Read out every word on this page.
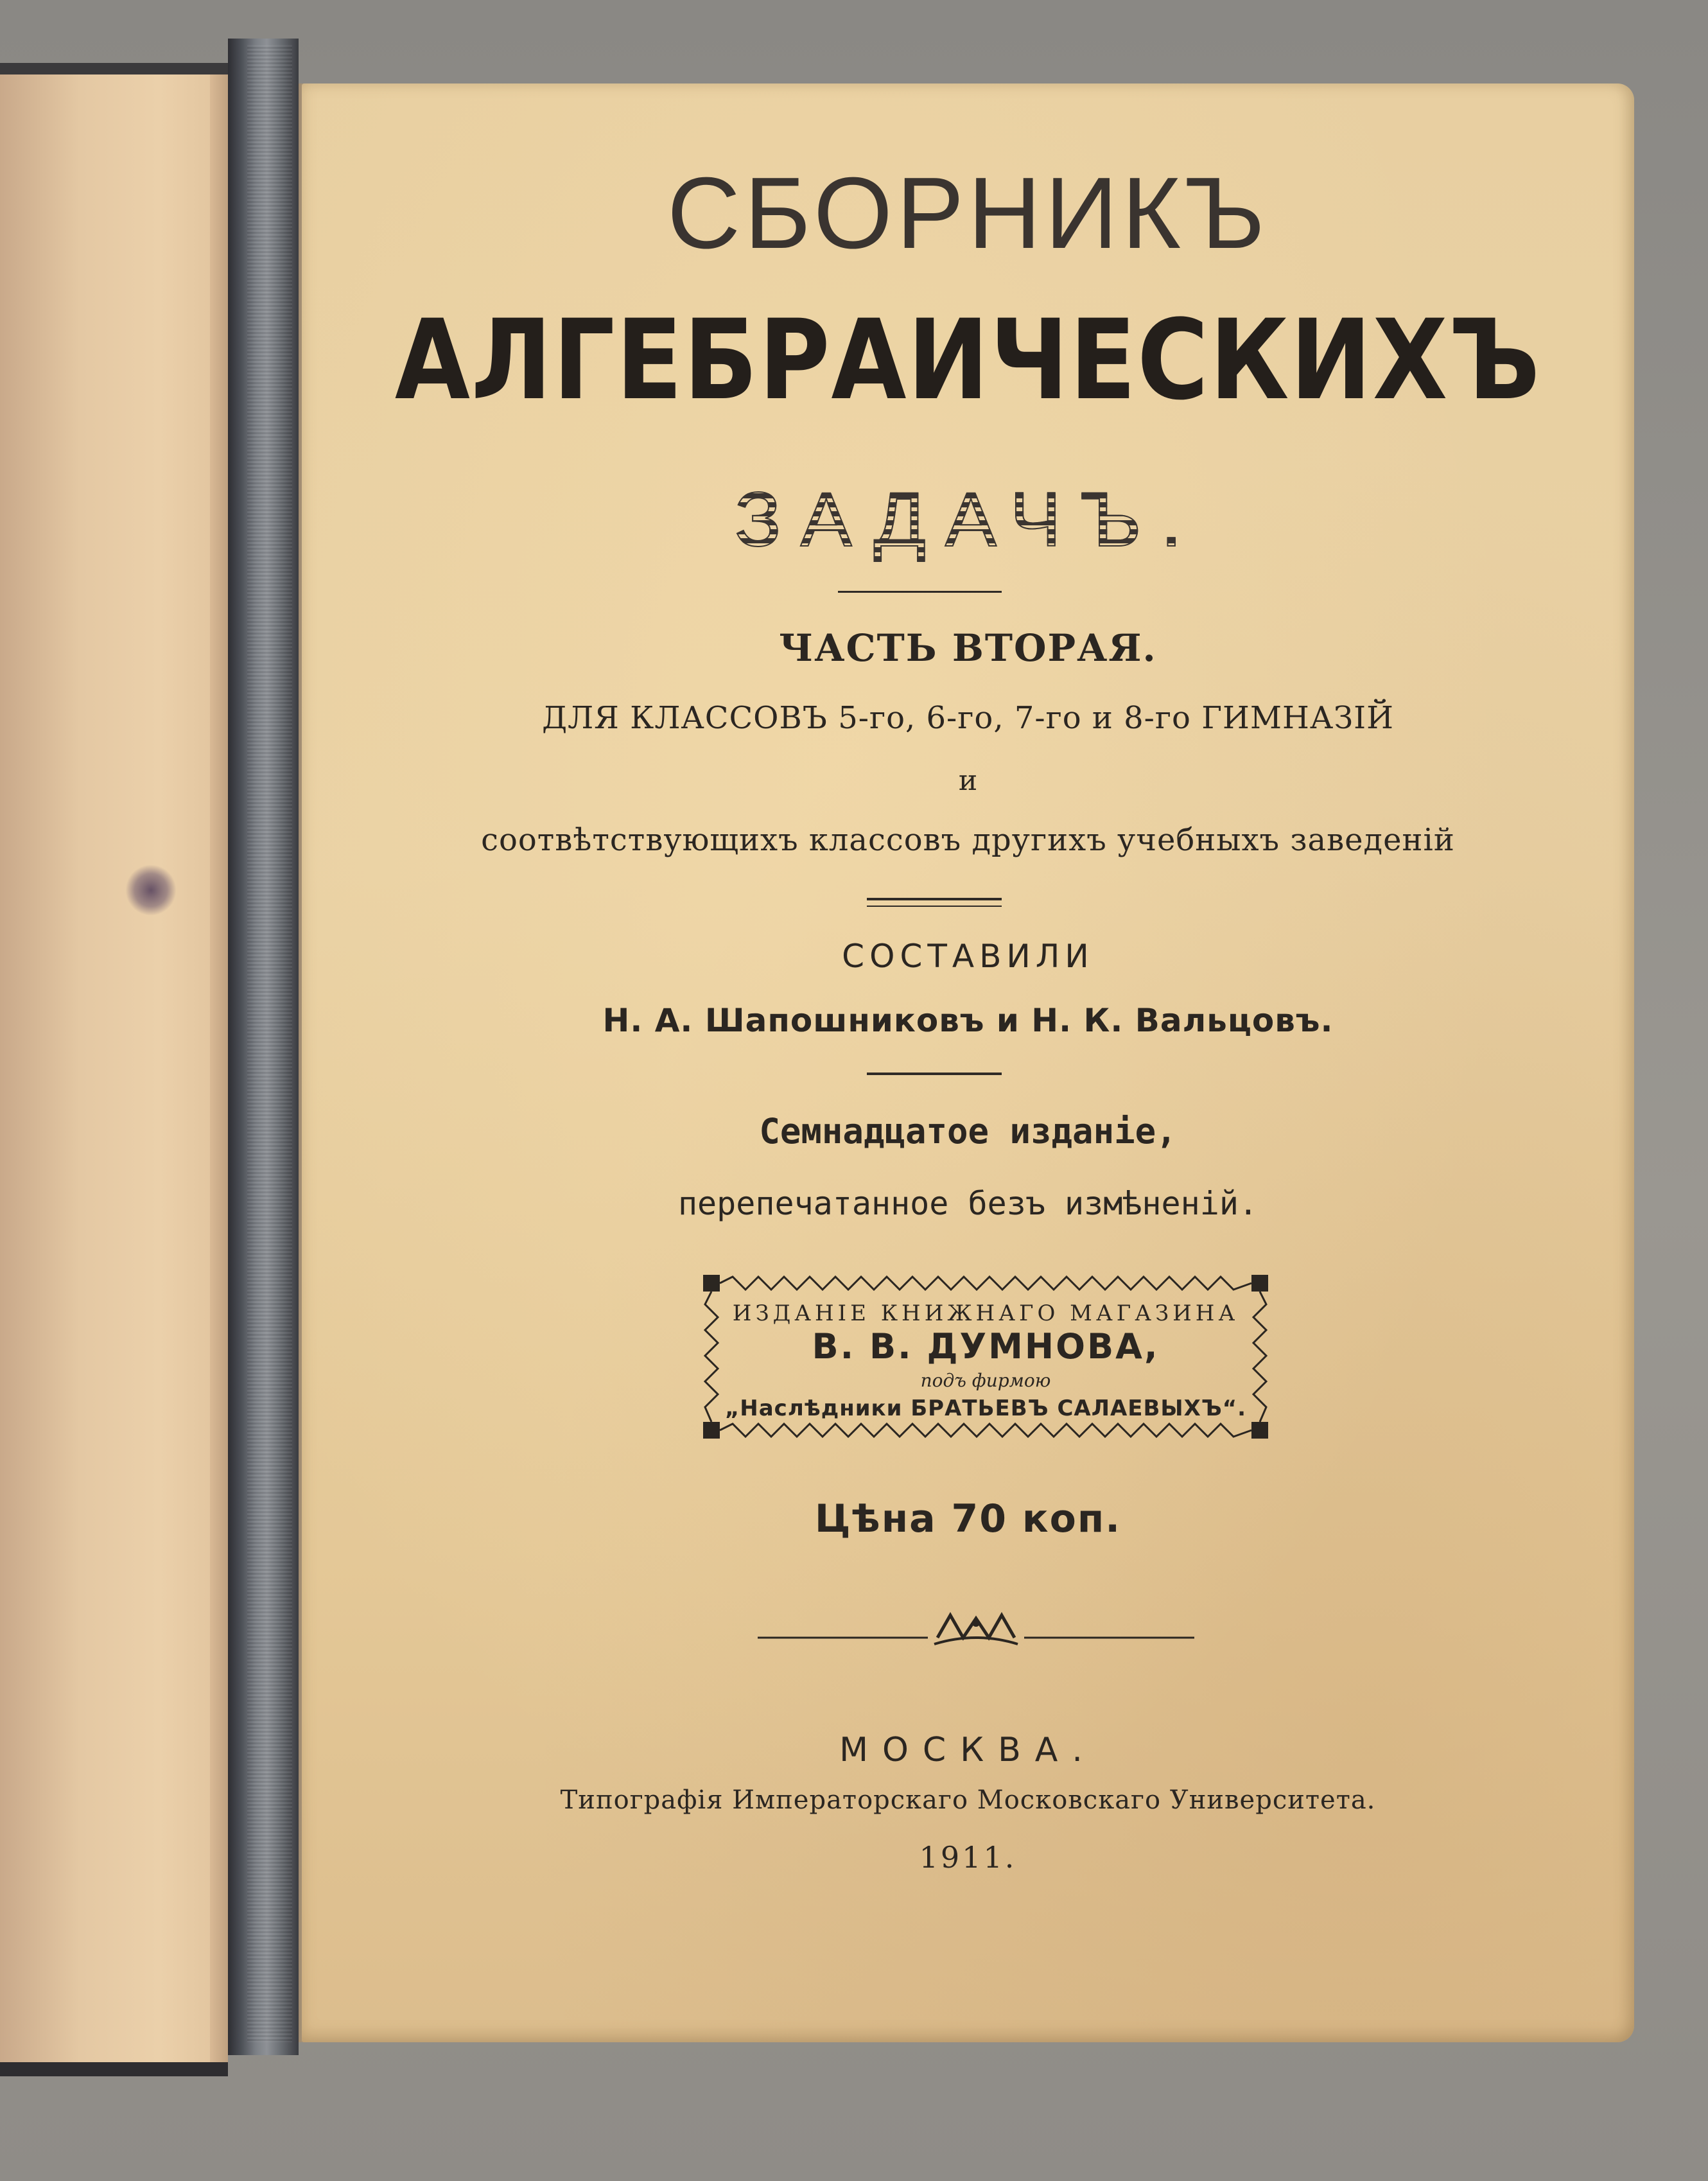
СБОРНИКЪ
АЛГЕБРАИЧЕСКИХЪ
ЗАДАЧЪ.
ЧАСТЬ ВТОРАЯ.
ДЛЯ КЛАССОВЪ 5-го, 6-го, 7-го и 8-го ГИМНАЗІЙ
и
соотвѣтствующихъ классовъ другихъ учебныхъ заведеній
СОСТАВИЛИ
Н. А. Шапошниковъ и Н. К. Вальцовъ.
Семнадцатое изданіе,
перепечатанное безъ измѣненій.
ИЗДАНІЕ КНИЖНАГО МАГАЗИНА
В. В. ДУМНОВА,
подъ фирмою
„Наслѣдники БРАТЬЕВЪ САЛАЕВЫХЪ“.
Цѣна 70 коп.
МОСКВА.
Типографія Императорскаго Московскаго Университета.
1911.
